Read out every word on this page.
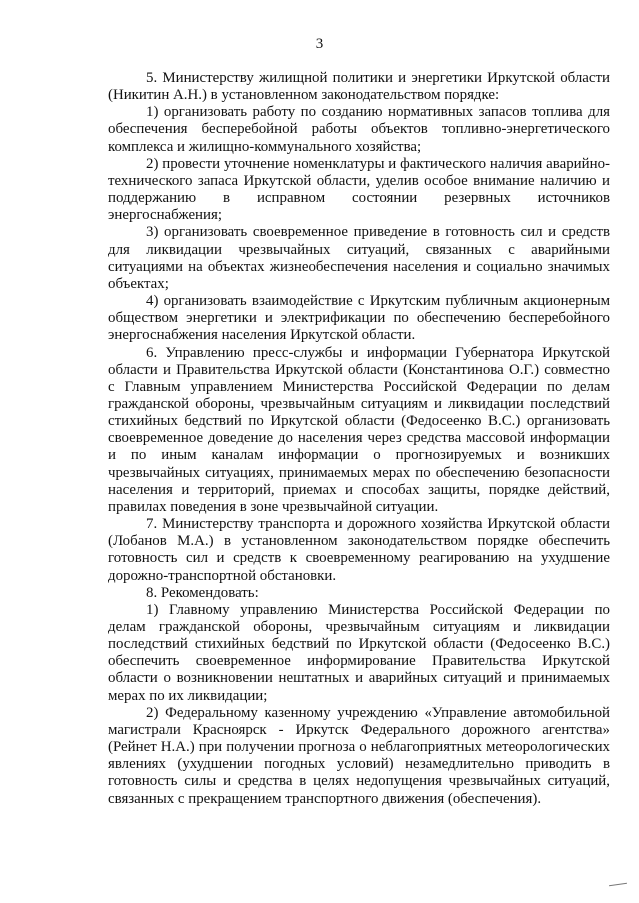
3

5. Министерству жилищной политики и энергетики Иркутской области (Никитин А.Н.) в установленном законодательством порядке:

1) организовать работу по созданию нормативных запасов топлива для обеспечения бесперебойной работы объектов топливно-энергетического комплекса и жилищно-коммунального хозяйства;

2) провести уточнение номенклатуры и фактического наличия аварийно-технического запаса Иркутской области, уделив особое внимание наличию и поддержанию в исправном состоянии резервных источников энергоснабжения;

3) организовать своевременное приведение в готовность сил и средств для ликвидации чрезвычайных ситуаций, связанных с аварийными ситуациями на объектах жизнеобеспечения населения и социально значимых объектах;

4) организовать взаимодействие с Иркутским публичным акционерным обществом энергетики и электрификации по обеспечению бесперебойного энергоснабжения населения Иркутской области.

6. Управлению пресс-службы и информации Губернатора Иркутской области и Правительства Иркутской области (Константинова О.Г.) совместно с Главным управлением Министерства Российской Федерации по делам гражданской обороны, чрезвычайным ситуациям и ликвидации последствий стихийных бедствий по Иркутской области (Федосеенко В.С.) организовать своевременное доведение до населения через средства массовой информации и по иным каналам информации о прогнозируемых и возникших чрезвычайных ситуациях, принимаемых мерах по обеспечению безопасности населения и территорий, приемах и способах защиты, порядке действий, правилах поведения в зоне чрезвычайной ситуации.

7. Министерству транспорта и дорожного хозяйства Иркутской области (Лобанов М.А.) в установленном законодательством порядке обеспечить готовность сил и средств к своевременному реагированию на ухудшение дорожно-транспортной обстановки.

8. Рекомендовать:

1) Главному управлению Министерства Российской Федерации по делам гражданской обороны, чрезвычайным ситуациям и ликвидации последствий стихийных бедствий по Иркутской области (Федосеенко В.С.) обеспечить своевременное информирование Правительства Иркутской области о возникновении нештатных и аварийных ситуаций и принимаемых мерах по их ликвидации;

2) Федеральному казенному учреждению «Управление автомобильной магистрали Красноярск - Иркутск Федерального дорожного агентства» (Рейнет Н.А.) при получении прогноза о неблагоприятных метеорологических явлениях (ухудшении погодных условий) незамедлительно приводить в готовность силы и средства в целях недопущения чрезвычайных ситуаций, связанных с прекращением транспортного движения (обеспечения).
